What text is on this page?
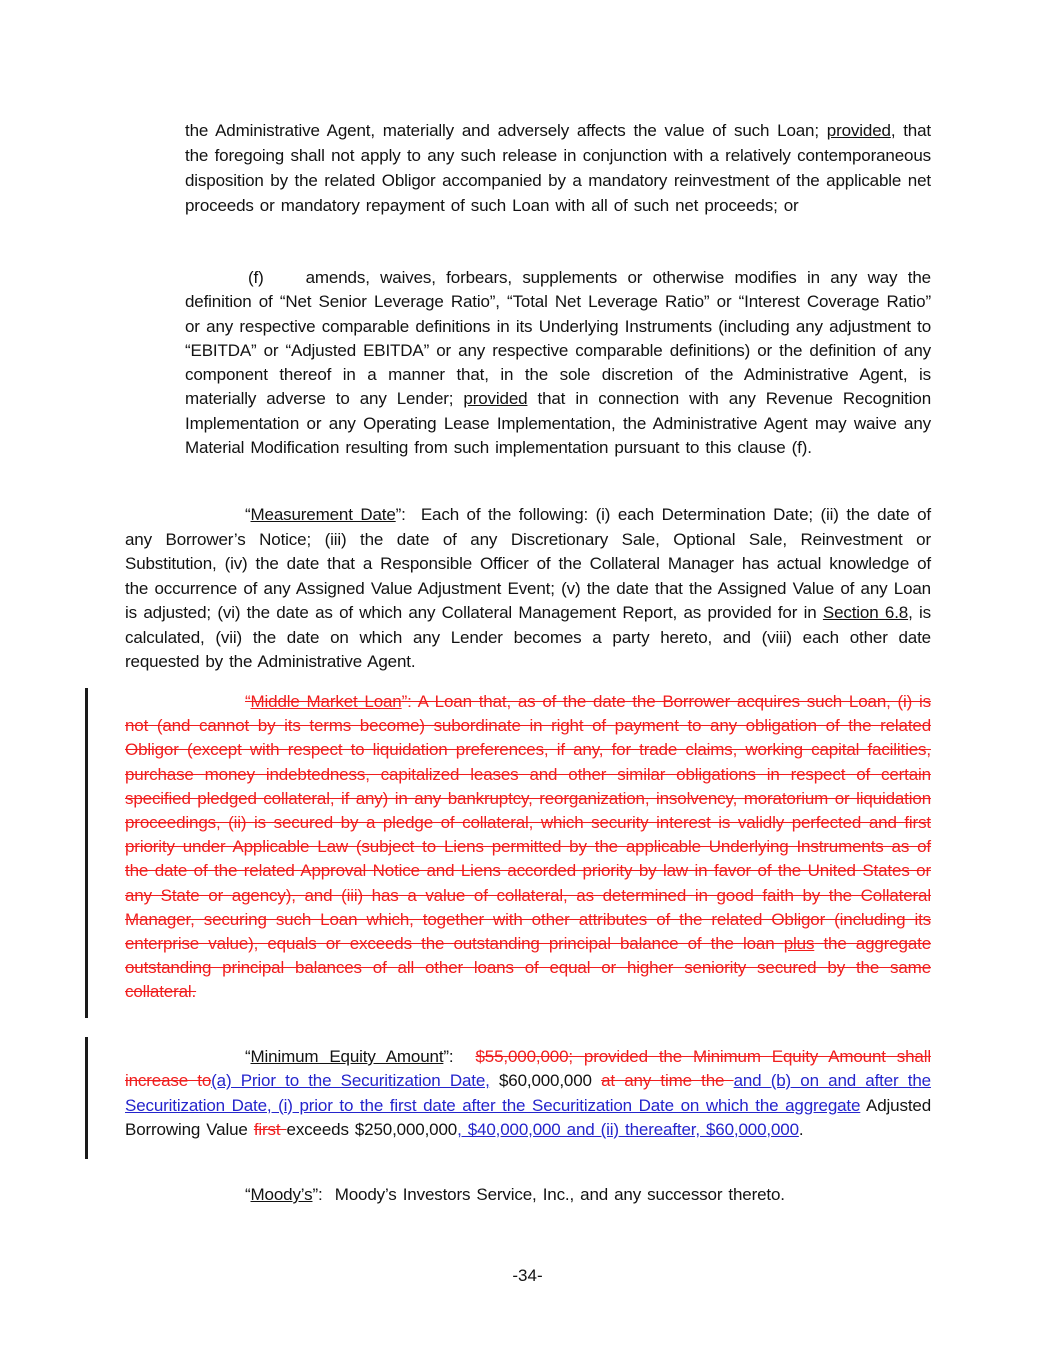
the Administrative Agent, materially and adversely affects the value of such Loan; provided, that the foregoing shall not apply to any such release in conjunction with a relatively contemporaneous disposition by the related Obligor accompanied by a mandatory reinvestment of the applicable net proceeds or mandatory repayment of such Loan with all of such net proceeds; or
(f) amends, waives, forbears, supplements or otherwise modifies in any way the definition of “Net Senior Leverage Ratio”, “Total Net Leverage Ratio” or “Interest Coverage Ratio” or any respective comparable definitions in its Underlying Instruments (including any adjustment to “EBITDA” or “Adjusted EBITDA” or any respective comparable definitions) or the definition of any component thereof in a manner that, in the sole discretion of the Administrative Agent, is materially adverse to any Lender; provided that in connection with any Revenue Recognition Implementation or any Operating Lease Implementation, the Administrative Agent may waive any Material Modification resulting from such implementation pursuant to this clause (f).
“Measurement Date”:  Each of the following: (i) each Determination Date; (ii) the date of any Borrower’s Notice; (iii) the date of any Discretionary Sale, Optional Sale, Reinvestment or Substitution, (iv) the date that a Responsible Officer of the Collateral Manager has actual knowledge of the occurrence of any Assigned Value Adjustment Event; (v) the date that the Assigned Value of any Loan is adjusted; (vi) the date as of which any Collateral Management Report, as provided for in Section 6.8, is calculated, (vii) the date on which any Lender becomes a party hereto, and (viii) each other date requested by the Administrative Agent.
“Middle Market Loan”: A Loan that, as of the date the Borrower acquires such Loan, (i) is not (and cannot by its terms become) subordinate in right of payment to any obligation of the related Obligor (except with respect to liquidation preferences, if any, for trade claims, working capital facilities, purchase money indebtedness, capitalized leases and other similar obligations in respect of certain specified pledged collateral, if any) in any bankruptcy, reorganization, insolvency, moratorium or liquidation proceedings, (ii) is secured by a pledge of collateral, which security interest is validly perfected and first priority under Applicable Law (subject to Liens permitted by the applicable Underlying Instruments as of the date of the related Approval Notice and Liens accorded priority by law in favor of the United States or any State or agency), and (iii) has a value of collateral, as determined in good faith by the Collateral Manager, securing such Loan which, together with other attributes of the related Obligor (including its enterprise value), equals or exceeds the outstanding principal balance of the loan plus the aggregate outstanding principal balances of all other loans of equal or higher seniority secured by the same collateral.
“Minimum Equity Amount”: $55,000,000; provided the Minimum Equity Amount shall increase to(a) Prior to the Securitization Date, $60,000,000 at any time the and (b) on and after the Securitization Date, (i) prior to the first date after the Securitization Date on which the aggregate Adjusted Borrowing Value first exceeds $250,000,000, $40,000,000 and (ii) thereafter, $60,000,000.
“Moody’s”:  Moody’s Investors Service, Inc., and any successor thereto.
-34-
